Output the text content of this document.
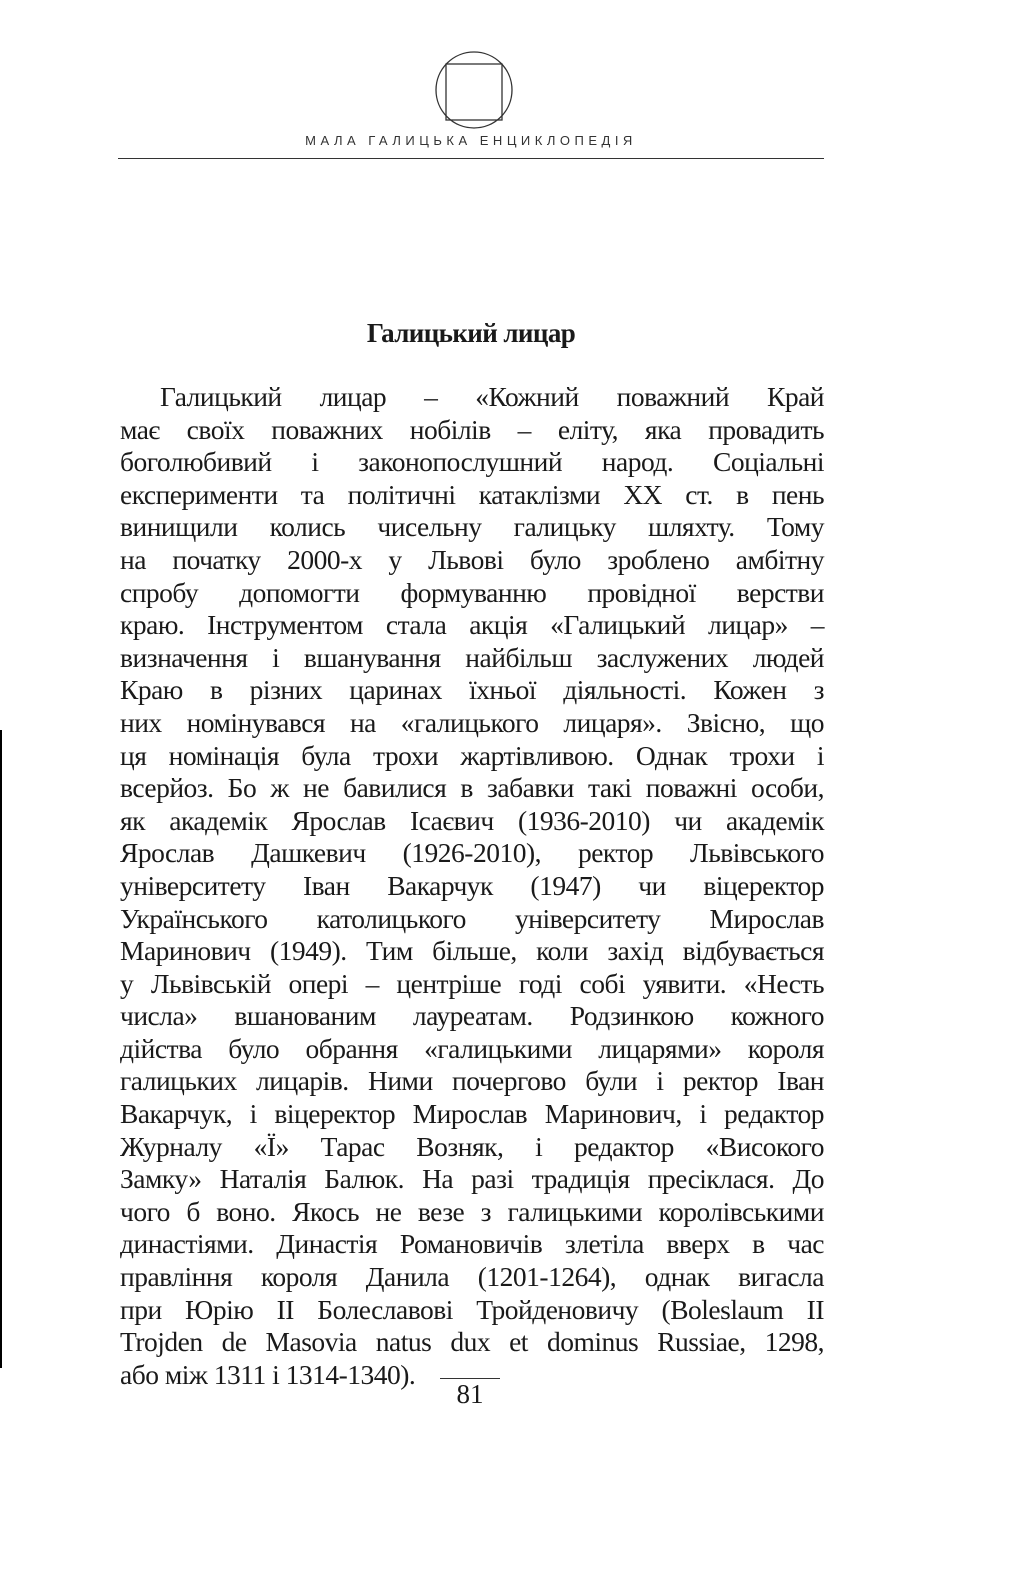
МАЛА ГАЛИЦЬКА ЕНЦИКЛОПЕДІЯ
Галицький лицар
Галицький лицар – «Кожний поважний Край
має своїх поважних нобілів – еліту, яка провадить
боголюбивий і законопослушний народ. Соціальні
експерименти та політичні катаклізми ХХ ст. в пень
винищили колись чисельну галицьку шляхту. Тому
на початку 2000-х у Львові було зроблено амбітну
спробу допомогти формуванню провідної верстви
краю. Інструментом стала акція «Галицький лицар» –
визначення і вшанування найбільш заслужених людей
Краю в різних царинах їхньої діяльності. Кожен з
них номінувався на «галицького лицаря». Звісно, що
ця номінація була трохи жартівливою. Однак трохи і
всерйоз. Бо ж не бавилися в забавки такі поважні особи,
як академік Ярослав Ісаєвич (1936-2010) чи академік
Ярослав Дашкевич (1926-2010), ректор Львівського
університету Іван Вакарчук (1947) чи віцеректор
Українського католицького університету Мирослав
Маринович (1949). Тим більше, коли захід відбувається
у Львівській опері – центріше годі собі уявити. «Несть
числа» вшанованим лауреатам. Родзинкою кожного
дійства було обрання «галицькими лицарями» короля
галицьких лицарів. Ними почергово були і ректор Іван
Вакарчук, і віцеректор Мирослав Маринович, і редактор
Журналу «Ї» Тарас Возняк, і редактор «Високого
Замку» Наталія Балюк. На разі традиція пресіклася. До
чого б воно. Якось не везе з галицькими королівськими
династіями. Династія Романовичів злетіла вверх в час
правління короля Данила (1201-1264), однак вигасла
при Юрію ІІ Болеславові Тройденовичу (Boleslaum II
Trojden de Masovia natus dux et dominus Russiae, 1298,
або між 1311 і 1314-1340).
81
